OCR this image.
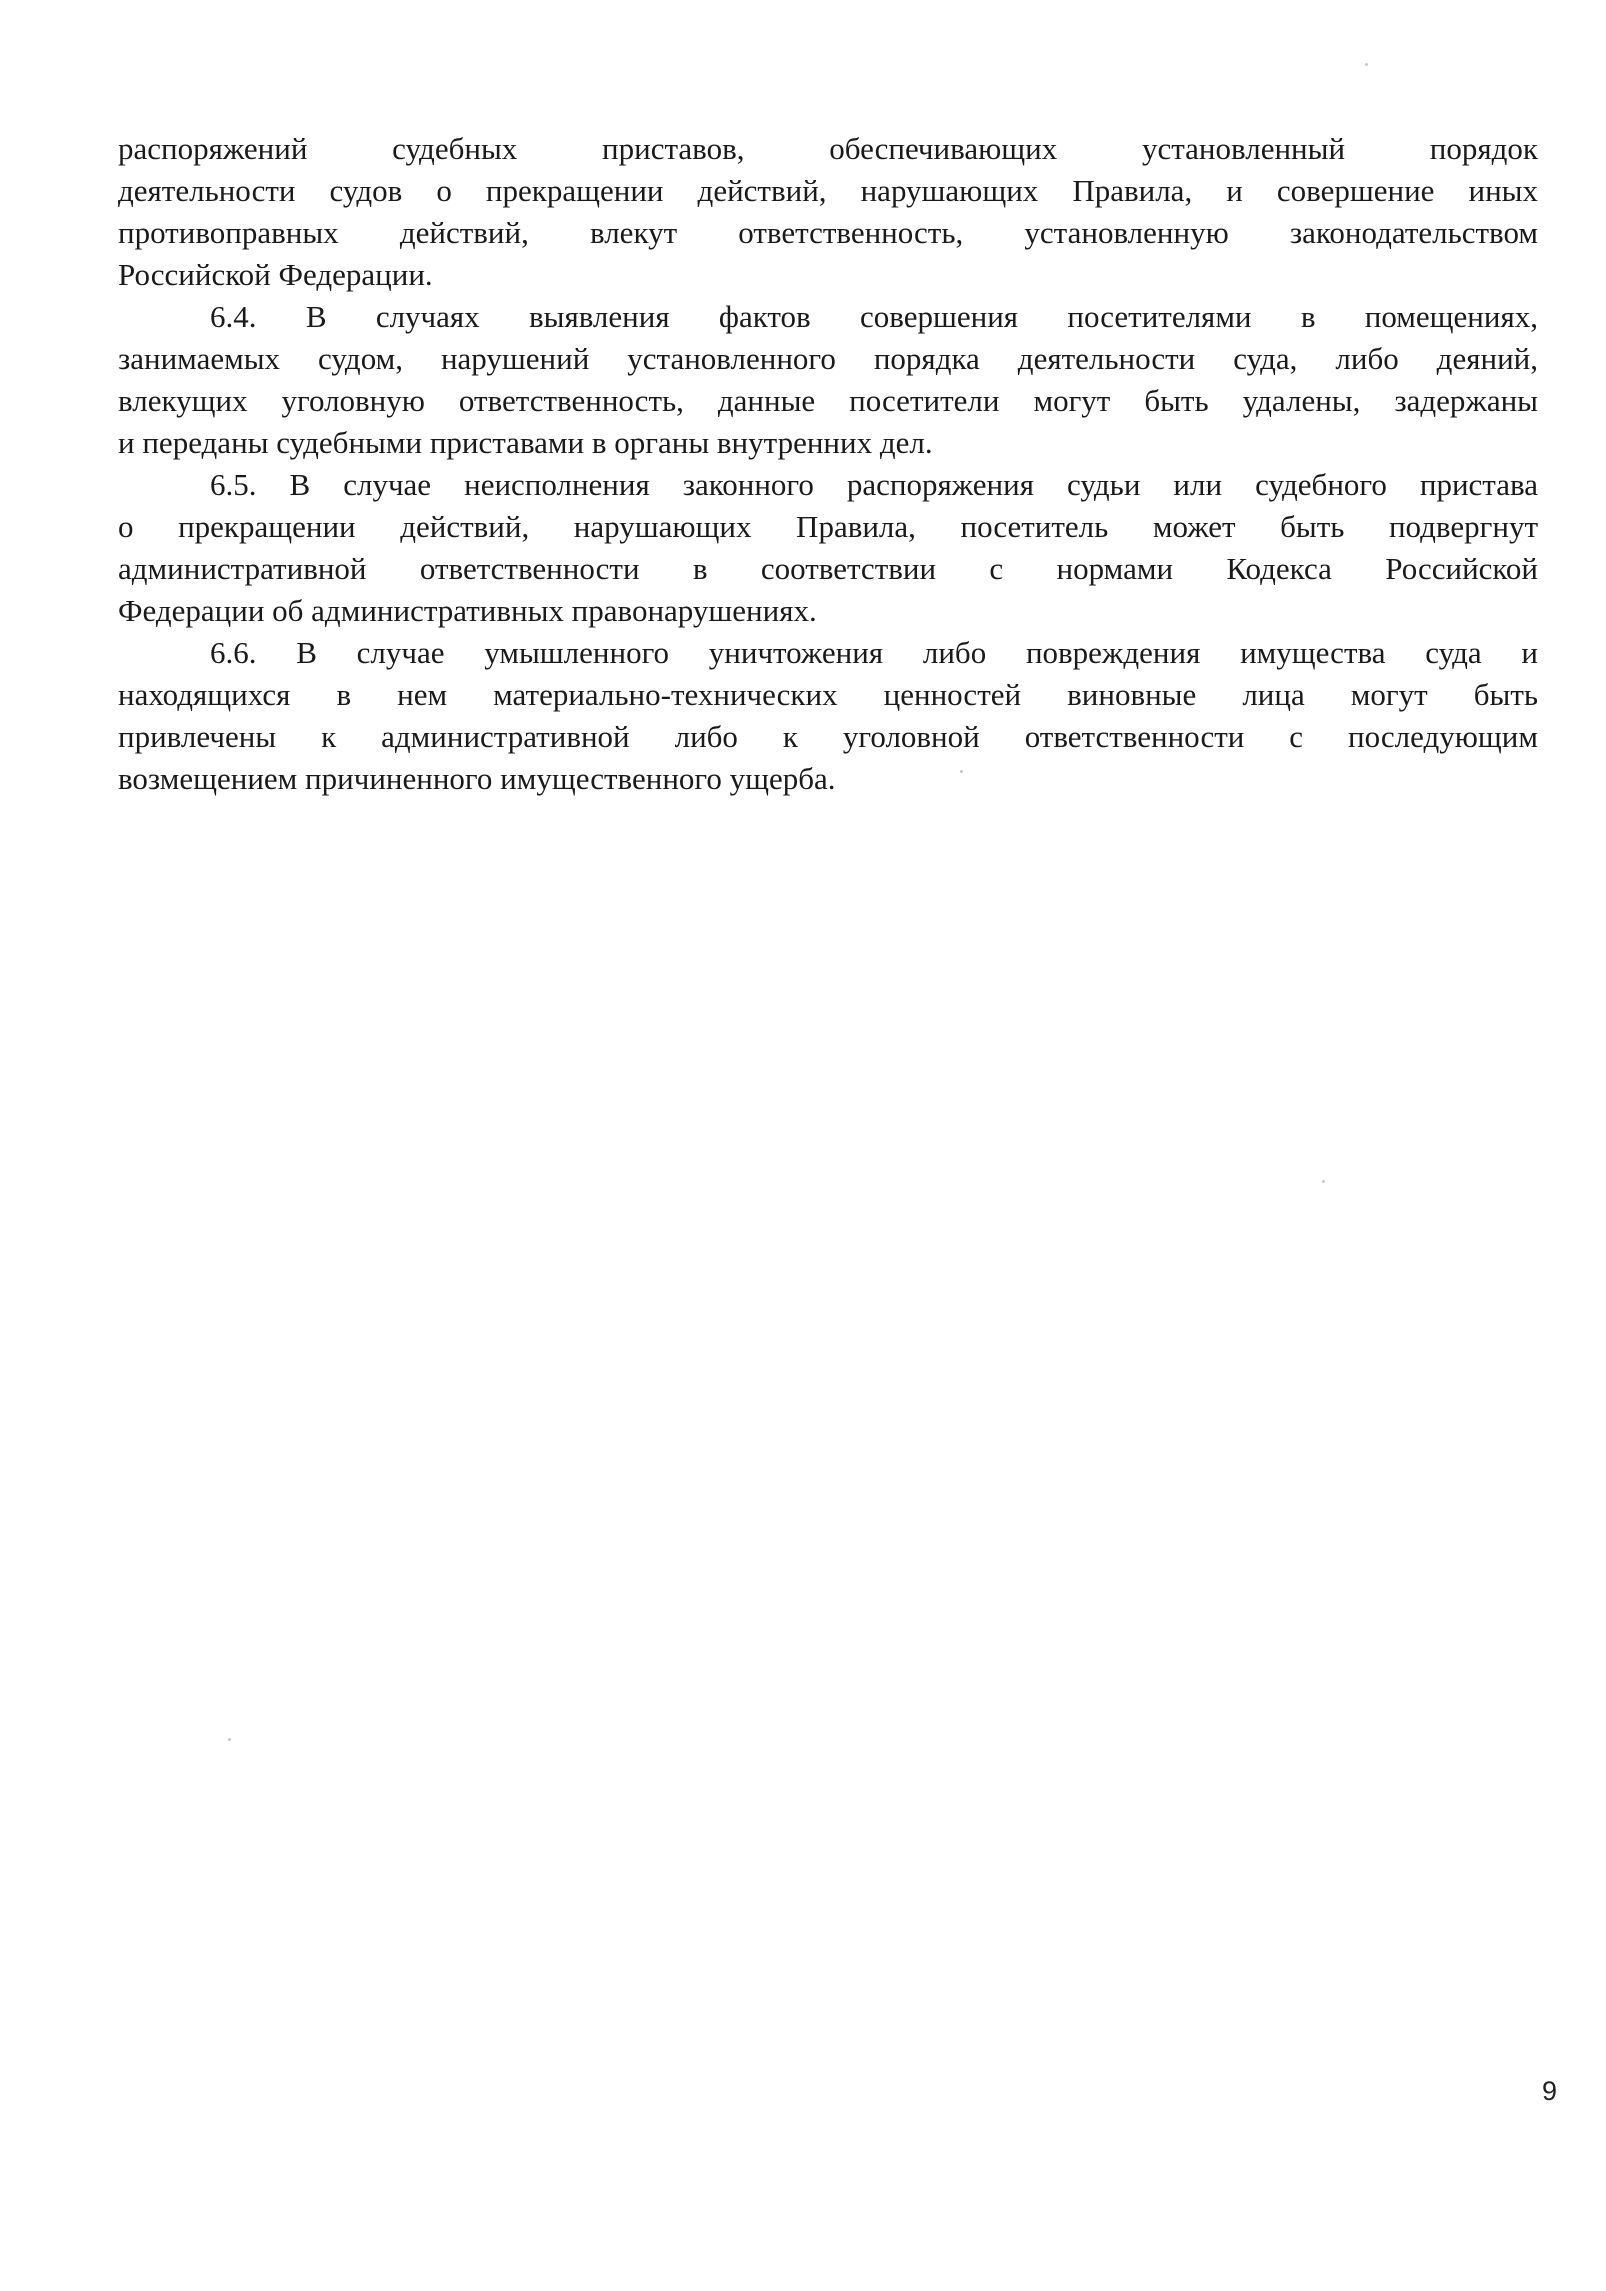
распоряжений судебных приставов, обеспечивающих установленный порядок
деятельности судов о прекращении действий, нарушающих Правила, и совершение иных
противоправных действий, влекут ответственность, установленную законодательством
Российской Федерации.
6.4. В случаях выявления фактов совершения посетителями в помещениях,
занимаемых судом, нарушений установленного порядка деятельности суда, либо деяний,
влекущих уголовную ответственность, данные посетители могут быть удалены, задержаны
и переданы судебными приставами в органы внутренних дел.
6.5. В случае неисполнения законного распоряжения судьи или судебного пристава
о прекращении действий, нарушающих Правила, посетитель может быть подвергнут
административной ответственности в соответствии с нормами Кодекса Российской
Федерации об административных правонарушениях.
6.6. В случае умышленного уничтожения либо повреждения имущества суда и
находящихся в нем материально-технических ценностей виновные лица могут быть
привлечены к административной либо к уголовной ответственности с последующим
возмещением причиненного имущественного ущерба.
9
